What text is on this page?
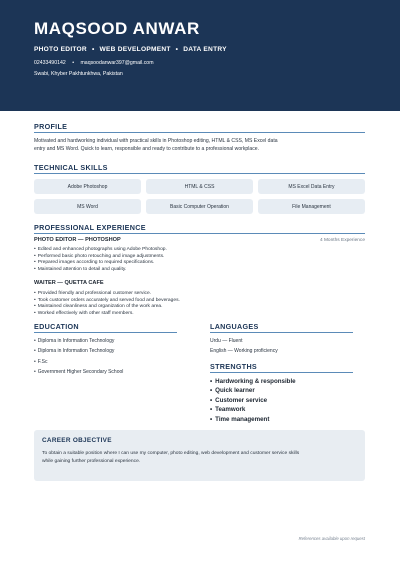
MAQSOOD ANWAR
PHOTO EDITOR • WEB DEVELOPMENT • DATA ENTRY
02433490142 • maqsoodanwar397@gmail.com
Swabi, Khyber Pakhtunkhwa, Pakistan
PROFILE
Motivated and hardworking individual with practical skills in Photoshop editing, HTML & CSS, MS Excel data entry and MS Word. Quick to learn, responsible and ready to contribute to a professional workplace.
TECHNICAL SKILLS
Adobe Photoshop	HTML & CSS	MS Excel Data Entry
MS Word	Basic Computer Operation	File Management
PROFESSIONAL EXPERIENCE
PHOTO EDITOR — PHOTOSHOP	4 Months Experience
• Edited and enhanced photographs using Adobe Photoshop.
• Performed basic photo retouching and image adjustments.
• Prepared images according to required specifications.
• Maintained attention to detail and quality.
WAITER — QUETTA CAFE
• Provided friendly and professional customer service.
• Took customer orders accurately and served food and beverages.
• Maintained cleanliness and organization of the work area.
• Worked effectively with other staff members.
EDUCATION
• Diploma in Information Technology
• Diploma in Information Technology
• F.Sc
• Government Higher Secondary School
LANGUAGES
Urdu — Fluent
English — Working proficiency
STRENGTHS
• Hardworking & responsible
• Quick learner
• Customer service
• Teamwork
• Time management
CAREER OBJECTIVE
To obtain a suitable position where I can use my computer, photo editing, web development and customer service skills while gaining further professional experience.
References available upon request
